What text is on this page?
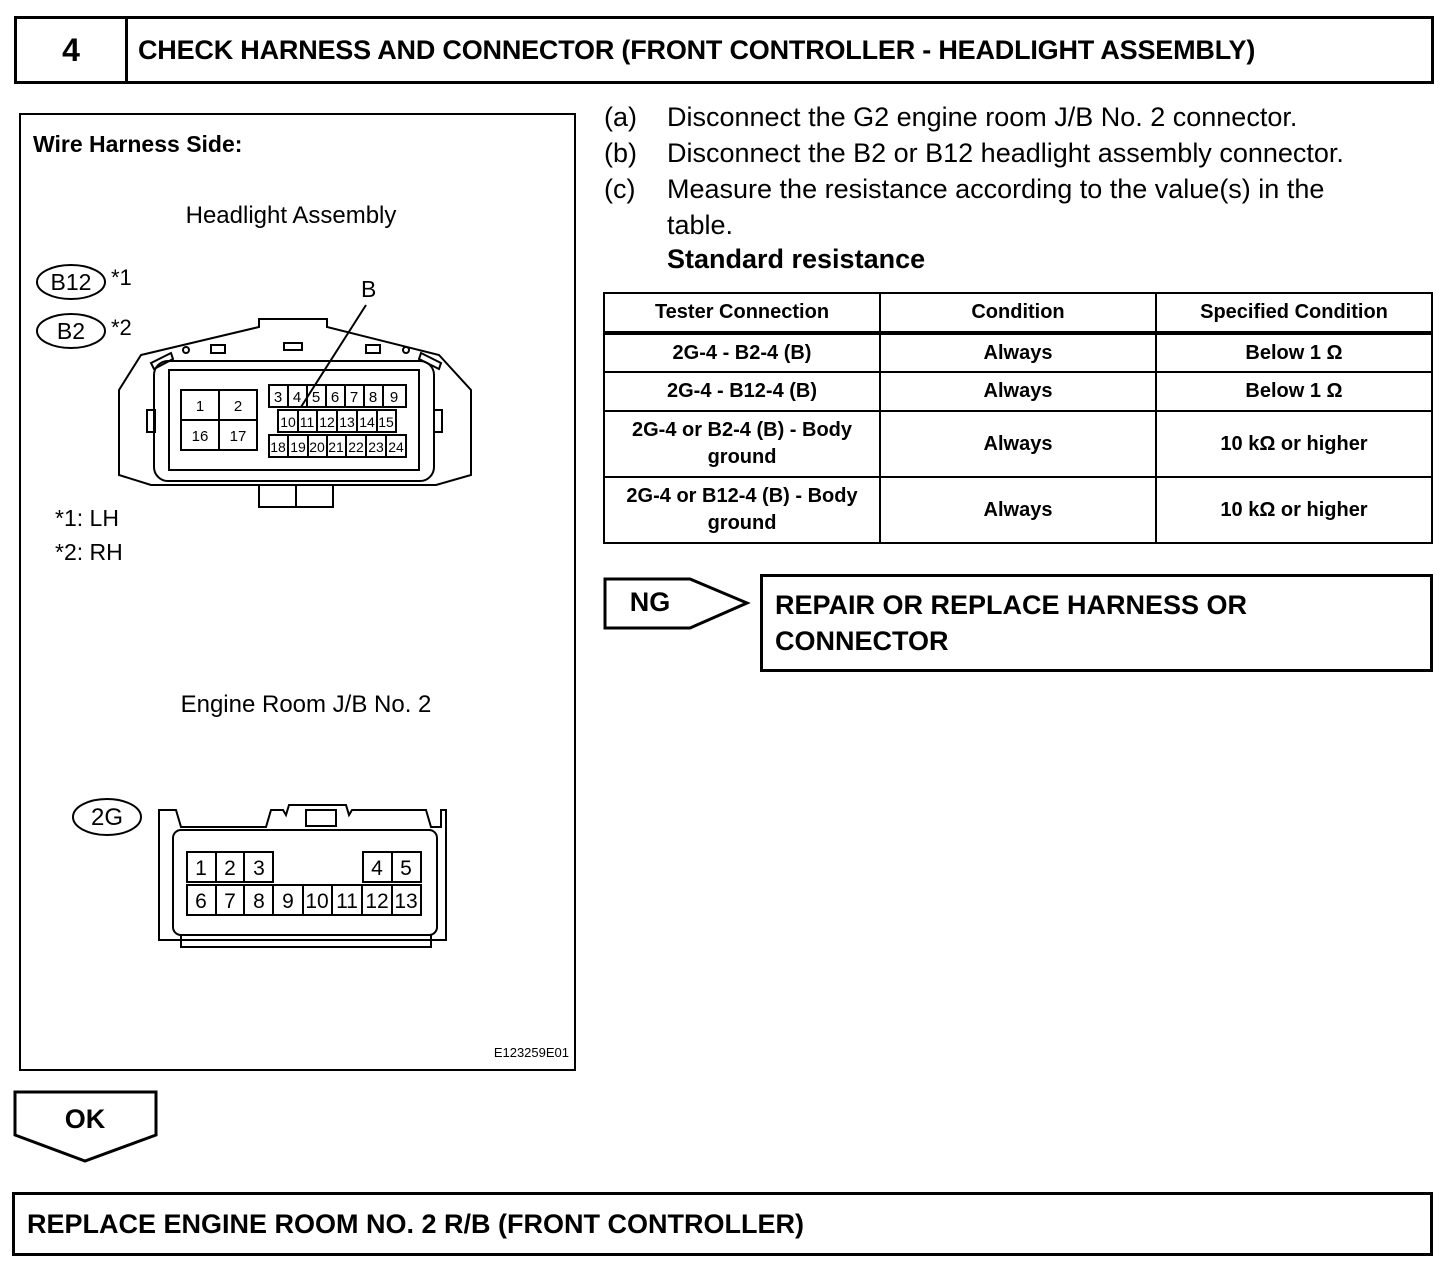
4	CHECK HARNESS AND CONNECTOR (FRONT CONTROLLER - HEADLIGHT ASSEMBLY)
Wire Harness Side:
Headlight Assembly
B12 *1
B2 *2
B
1 2
16 17
3 4 5 6 7 8 9
10 11 12 13 14 15
18 19 20 21 22 23 24
*1: LH
*2: RH
Engine Room J/B No. 2
2G
1 2 3	4 5
6 7 8 9 10 11 12 13
E123259E01
(a) Disconnect the G2 engine room J/B No. 2 connector.
(b) Disconnect the B2 or B12 headlight assembly connector.
(c) Measure the resistance according to the value(s) in the
table.
Standard resistance
Tester Connection	Condition	Specified Condition
2G-4 - B2-4 (B)	Always	Below 1 Ω
2G-4 - B12-4 (B)	Always	Below 1 Ω
2G-4 or B2-4 (B) - Body ground	Always	10 kΩ or higher
2G-4 or B12-4 (B) - Body ground	Always	10 kΩ or higher
NG	REPAIR OR REPLACE HARNESS OR CONNECTOR
OK
REPLACE ENGINE ROOM NO. 2 R/B (FRONT CONTROLLER)
